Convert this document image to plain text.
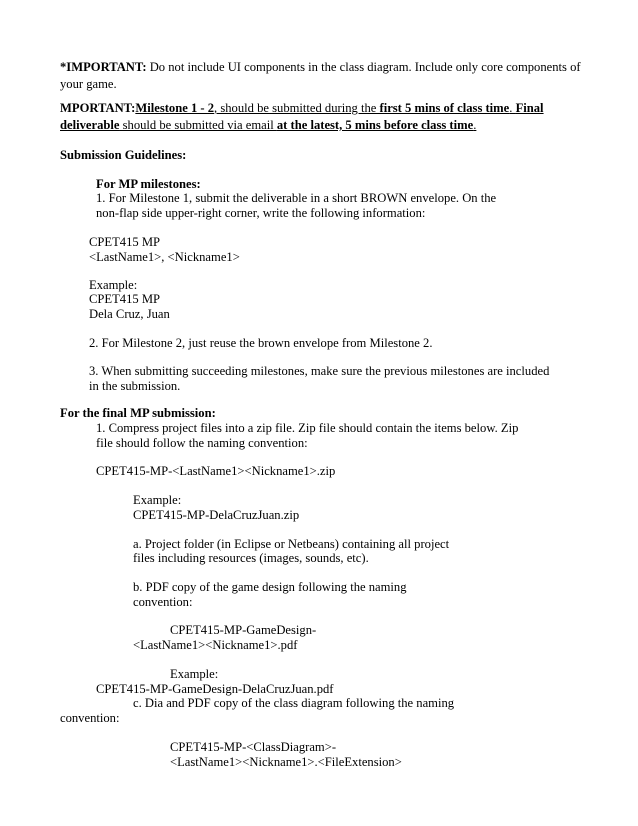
*IMPORTANT: Do not include UI components in the class diagram. Include only core components of
your game.
MPORTANT:Milestone 1 - 2, should be submitted during the first 5 mins of class time. Final
deliverable should be submitted via email at the latest, 5 mins before class time.
Submission Guidelines:
For MP milestones:
1. For Milestone 1, submit the deliverable in a short BROWN envelope. On the
non-flap side upper-right corner, write the following information:
CPET415 MP
<LastName1>, <Nickname1>
Example:
CPET415 MP
Dela Cruz, Juan
2. For Milestone 2, just reuse the brown envelope from Milestone 2.
3. When submitting succeeding milestones, make sure the previous milestones are included
in the submission.
For the final MP submission:
1. Compress project files into a zip file. Zip file should contain the items below. Zip
file should follow the naming convention:
CPET415-MP-<LastName1><Nickname1>.zip
Example:
CPET415-MP-DelaCruzJuan.zip
a. Project folder (in Eclipse or Netbeans) containing all project
files including resources (images, sounds, etc).
b. PDF copy of the game design following the naming
convention:
CPET415-MP-GameDesign-
<LastName1><Nickname1>.pdf
Example:
CPET415-MP-GameDesign-DelaCruzJuan.pdf
c. Dia and PDF copy of the class diagram following the naming
convention:
CPET415-MP-<ClassDiagram>-
<LastName1><Nickname1>.<FileExtension>
